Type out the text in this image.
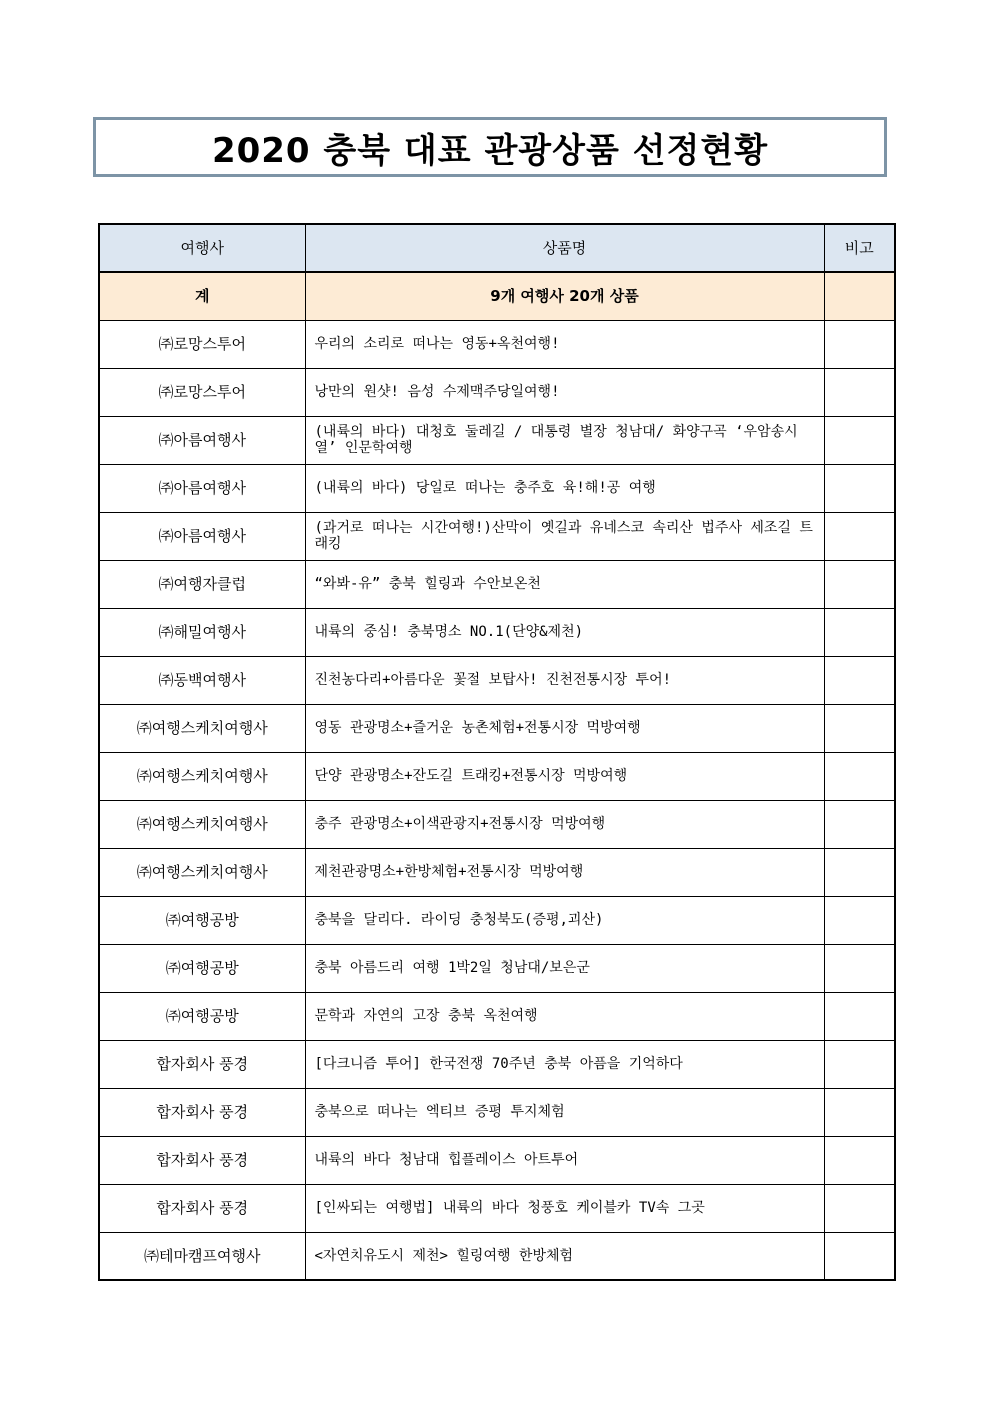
2020 충북 대표 관광상품 선정현황
여행사	상품명	비고
계	9개 여행사 20개 상품	
㈜로망스투어	우리의 소리로 떠나는 영동+옥천여행!	
㈜로망스투어	낭만의 원샷! 음성 수제맥주당일여행!	
㈜아름여행사	(내륙의 바다) 대청호 둘레길 / 대통령 별장 청남대/ 화양구곡 ‘우암송시열’ 인문학여행	
㈜아름여행사	(내륙의 바다) 당일로 떠나는 충주호 육!해!공 여행	
㈜아름여행사	(과거로 떠나는 시간여행!)산막이 옛길과 유네스코 속리산 법주사 세조길 트래킹	
㈜여행자클럽	“와봐-유” 충북 힐링과 수안보온천	
㈜해밀여행사	내륙의 중심! 충북명소 NO.1(단양&제천)	
㈜동백여행사	진천농다리+아름다운 꽃절 보탑사! 진천전통시장 투어!	
㈜여행스케치여행사	영동 관광명소+즐거운 농촌체험+전통시장 먹방여행	
㈜여행스케치여행사	단양 관광명소+잔도길 트래킹+전통시장 먹방여행	
㈜여행스케치여행사	충주 관광명소+이색관광지+전통시장 먹방여행	
㈜여행스케치여행사	제천관광명소+한방체험+전통시장 먹방여행	
㈜여행공방	충북을 달리다. 라이딩 충청북도(증평,괴산)	
㈜여행공방	충북 아름드리 여행 1박2일 청남대/보은군	
㈜여행공방	문학과 자연의 고장 충북 옥천여행	
합자회사 풍경	[다크니즘 투어] 한국전쟁 70주년 충북 아픔을 기억하다	
합자회사 풍경	충북으로 떠나는 엑티브 증평 투지체험	
합자회사 풍경	내륙의 바다 청남대 힙플레이스 아트투어	
합자회사 풍경	[인싸되는 여행법] 내륙의 바다 청풍호 케이블카 TV속 그곳	
㈜테마캠프여행사	<자연치유도시 제천> 힐링여행 한방체험	
